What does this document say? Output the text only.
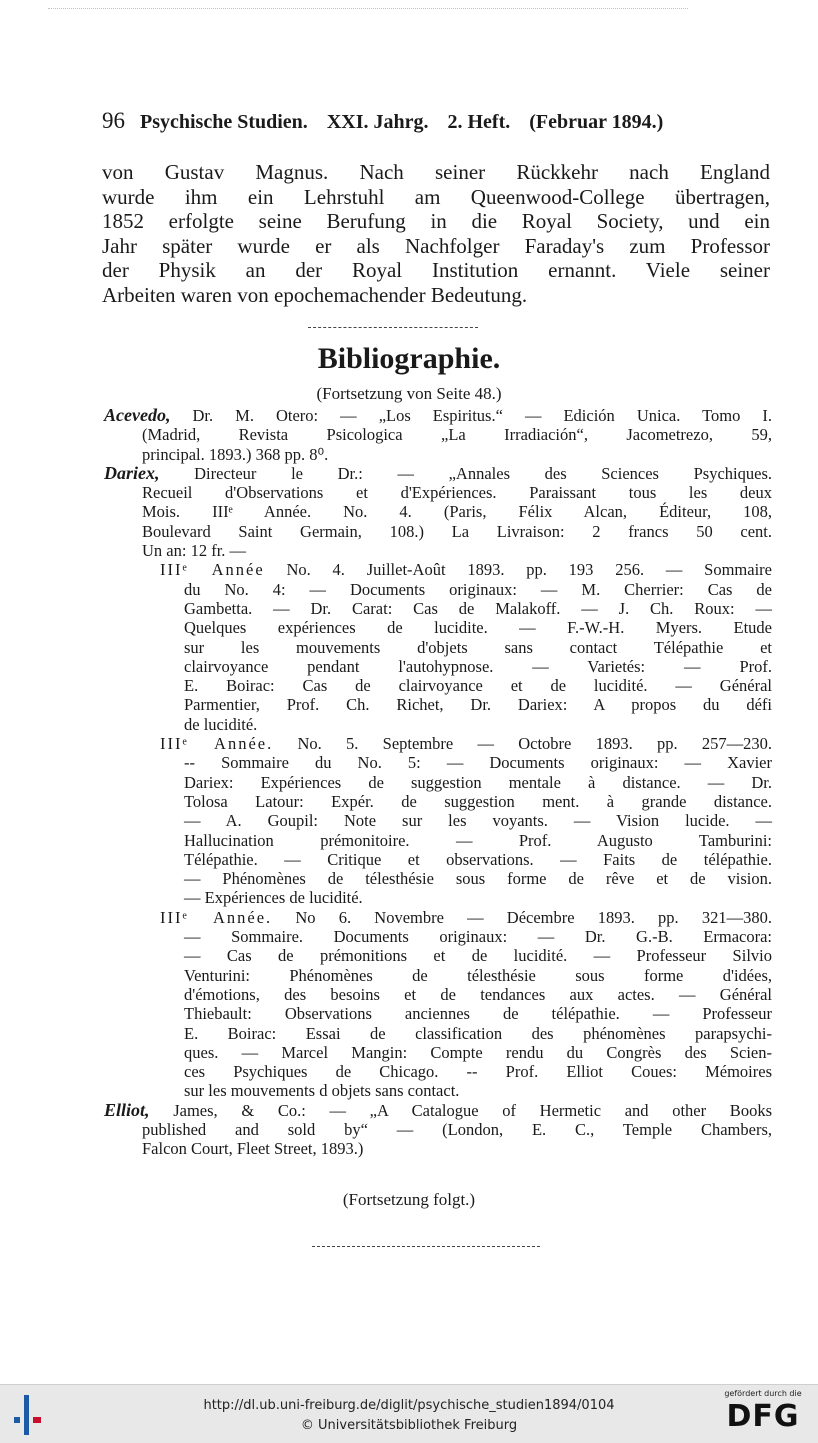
96 Psychische Studien. XXI. Jahrg. 2. Heft. (Februar 1894.)
von Gustav Magnus. Nach seiner Rückkehr nach England
wurde ihm ein Lehrstuhl am Queenwood-College übertragen,
1852 erfolgte seine Berufung in die Royal Society, und ein
Jahr später wurde er als Nachfolger Faraday's zum Professor
der Physik an der Royal Institution ernannt. Viele seiner
Arbeiten waren von epochemachender Bedeutung.
Bibliographie.
(Fortsetzung von Seite 48.)
Acevedo, Dr. M. Otero: — „Los Espiritus.“ — Edición Unica. Tomo I.
(Madrid, Revista Psicologica „La Irradiación“, Jacometrezo, 59,
principal. 1893.) 368 pp. 8⁰.
Dariex, Directeur le Dr.: — „Annales des Sciences Psychiques.
Recueil d'Observations et d'Expériences. Paraissant tous les deux
Mois. IIIᵉ Année. No. 4. (Paris, Félix Alcan, Éditeur, 108,
Boulevard Saint Germain, 108.) La Livraison: 2 francs 50 cent.
Un an: 12 fr. —
IIIᵉ Année No. 4. Juillet-Août 1893. pp. 193 256. — Sommaire
du No. 4: — Documents originaux: — M. Cherrier: Cas de
Gambetta. — Dr. Carat: Cas de Malakoff. — J. Ch. Roux: —
Quelques expériences de lucidite. — F.-W.-H. Myers. Etude
sur les mouvements d'objets sans contact Télépathie et
clairvoyance pendant l'autohypnose. — Varietés: — Prof.
E. Boirac: Cas de clairvoyance et de lucidité. — Général
Parmentier, Prof. Ch. Richet, Dr. Dariex: A propos du défi
de lucidité.
IIIᵉ Année. No. 5. Septembre — Octobre 1893. pp. 257—230.
-- Sommaire du No. 5: — Documents originaux: — Xavier
Dariex: Expériences de suggestion mentale à distance. — Dr.
Tolosa Latour: Expér. de suggestion ment. à grande distance.
— A. Goupil: Note sur les voyants. — Vision lucide. —
Hallucination prémonitoire. — Prof. Augusto Tamburini:
Télépathie. — Critique et observations. — Faits de télépathie.
— Phénomènes de télesthésie sous forme de rêve et de vision.
— Expériences de lucidité.
IIIᵉ Année. No 6. Novembre — Décembre 1893. pp. 321—380.
— Sommaire. Documents originaux: — Dr. G.-B. Ermacora:
— Cas de prémonitions et de lucidité. — Professeur Silvio
Venturini: Phénomènes de télesthésie sous forme d'idées,
d'émotions, des besoins et de tendances aux actes. — Général
Thiebault: Observations anciennes de télépathie. — Professeur
E. Boirac: Essai de classification des phénomènes parapsychi-
ques. — Marcel Mangin: Compte rendu du Congrès des Scien-
ces Psychiques de Chicago. -- Prof. Elliot Coues: Mémoires
sur les mouvements d objets sans contact.
Elliot, James, & Co.: — „A Catalogue of Hermetic and other Books
published and sold by“ — (London, E. C., Temple Chambers,
Falcon Court, Fleet Street, 1893.)
(Fortsetzung folgt.)
http://dl.ub.uni-freiburg.de/diglit/psychische_studien1894/0104
© Universitätsbibliothek Freiburg
gefördert durch die
DFG
